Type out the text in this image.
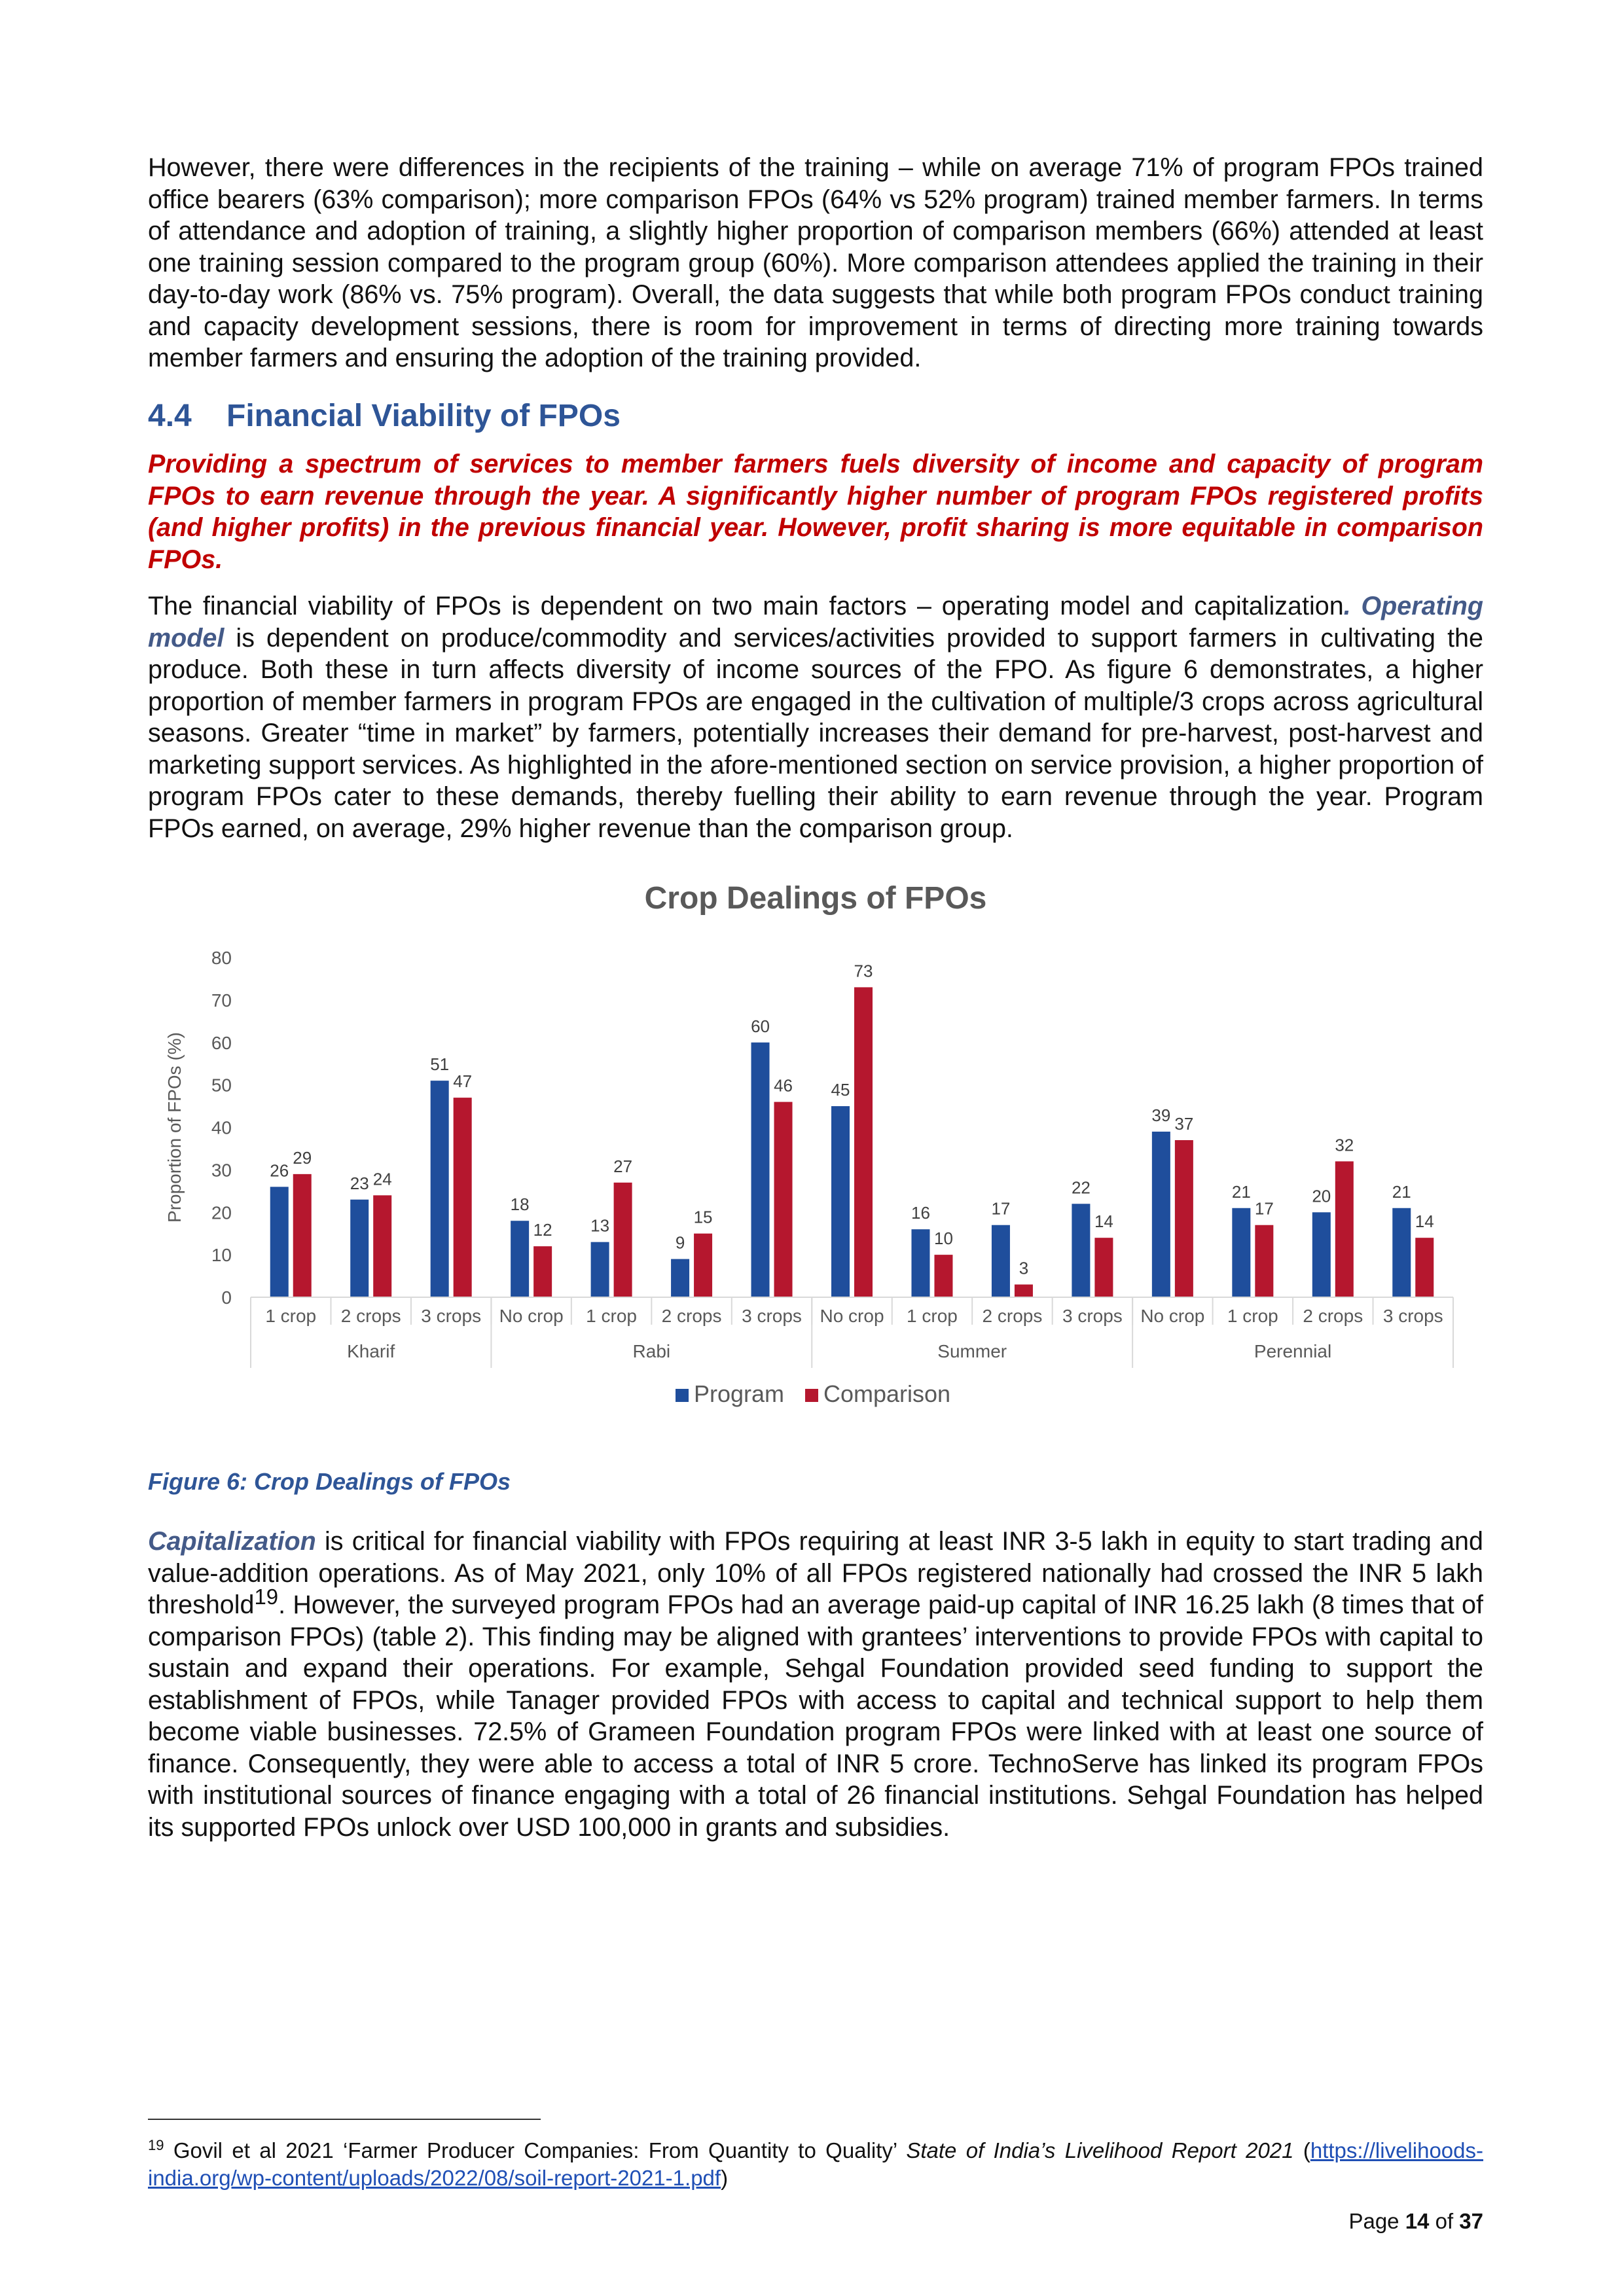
However, there were differences in the recipients of the training – while on average 71% of program FPOs trained office bearers (63% comparison); more comparison FPOs (64% vs 52% program) trained member farmers. In terms of attendance and adoption of training, a slightly higher proportion of comparison members (66%) attended at least one training session compared to the program group (60%). More comparison attendees applied the training in their day-to-day work (86% vs. 75% program). Overall, the data suggests that while both program FPOs conduct training and capacity development sessions, there is room for improvement in terms of directing more training towards member farmers and ensuring the adoption of the training provided.

4.4 Financial Viability of FPOs

Providing a spectrum of services to member farmers fuels diversity of income and capacity of program FPOs to earn revenue through the year. A significantly higher number of program FPOs registered profits (and higher profits) in the previous financial year. However, profit sharing is more equitable in comparison FPOs.

The financial viability of FPOs is dependent on two main factors – operating model and capitalization. Operating model is dependent on produce/commodity and services/activities provided to support farmers in cultivating the produce. Both these in turn affects diversity of income sources of the FPO. As figure 6 demonstrates, a higher proportion of member farmers in program FPOs are engaged in the cultivation of multiple/3 crops across agricultural seasons. Greater “time in market” by farmers, potentially increases their demand for pre-harvest, post-harvest and marketing support services. As highlighted in the afore-mentioned section on service provision, a higher proportion of program FPOs cater to these demands, thereby fuelling their ability to earn revenue through the year. Program FPOs earned, on average, 29% higher revenue than the comparison group.

Crop Dealings of FPOs
Proportion of FPOs (%)
0
10
20
30
40
50
60
70
80
26
23
51
18
13
9
60
45
16	17
22
39
21	20	21
29
24
47
12
27
15
46
73
10
3
14
37
17
32
14
1 crop 2 crops 3 crops No crop 1 crop 2 crops 3 crops No crop 1 crop 2 crops 3 crops No crop 1 crop 2 crops 3 crops
Kharif	Rabi	Summer	Perennial
Program Comparison

Figure 6: Crop Dealings of FPOs

Capitalization is critical for financial viability with FPOs requiring at least INR 3-5 lakh in equity to start trading and value-addition operations. As of May 2021, only 10% of all FPOs registered nationally had crossed the INR 5 lakh threshold$^{19}$. However, the surveyed program FPOs had an average paid-up capital of INR 16.25 lakh (8 times that of comparison FPOs) (table 2). This finding may be aligned with grantees’ interventions to provide FPOs with capital to sustain and expand their operations. For example, Sehgal Foundation provided seed funding to support the establishment of FPOs, while Tanager provided FPOs with access to capital and technical support to help them become viable businesses. 72.5% of Grameen Foundation program FPOs were linked with at least one source of finance. Consequently, they were able to access a total of INR 5 crore. TechnoServe has linked its program FPOs with institutional sources of finance engaging with a total of 26 financial institutions. Sehgal Foundation has helped its supported FPOs unlock over USD 100,000 in grants and subsidies.

$^{19}$ Govil et al 2021 ‘Farmer Producer Companies: From Quantity to Quality’ State of India’s Livelihood Report 2021 (https://livelihoods-india.org/wp-content/uploads/2022/08/soil-report-2021-1.pdf)

Page 14 of 37
